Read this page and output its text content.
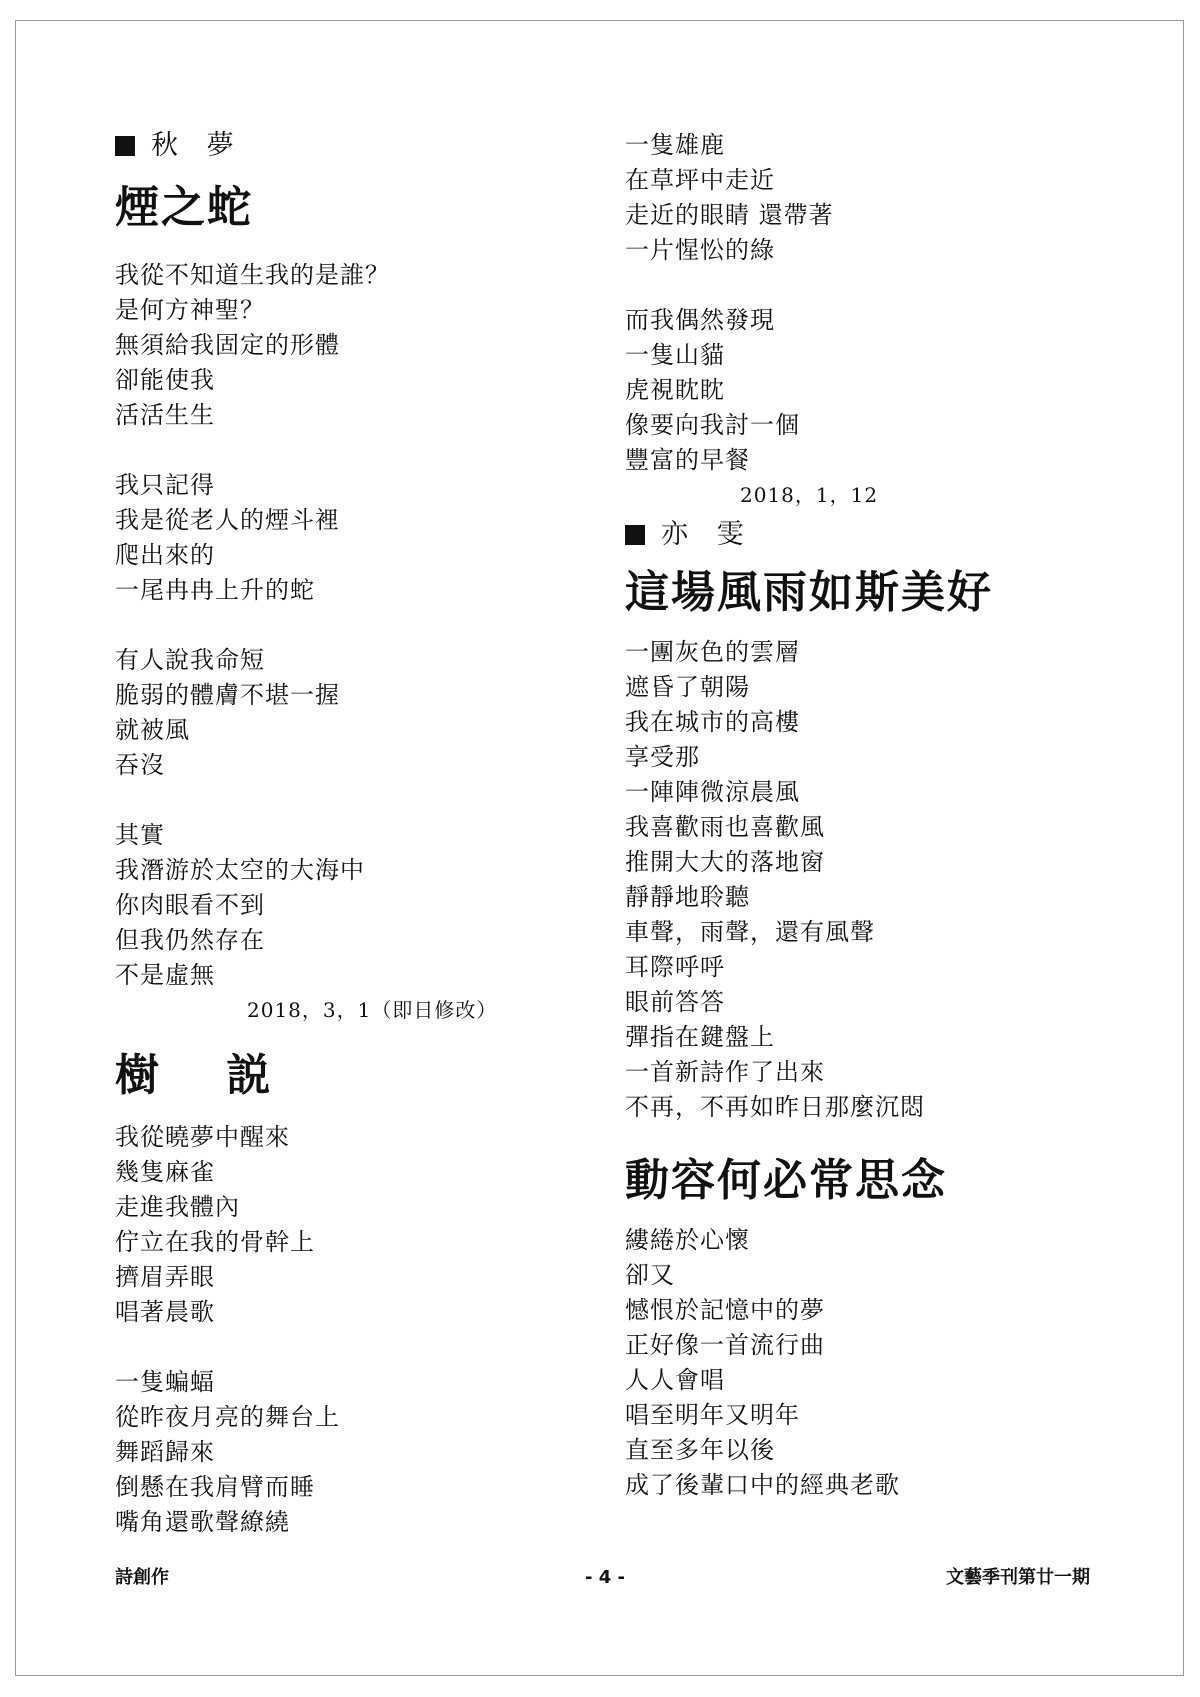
秋 夢
煙之蛇
我從不知道生我的是誰？
是何方神聖？
無須給我固定的形體
卻能使我
活活生生
我只記得
我是從老人的煙斗裡
爬出來的
一尾冉冉上升的蛇
有人說我命短
脆弱的體膚不堪一握
就被風
吞沒
其實
我潛游於太空的大海中
你肉眼看不到
但我仍然存在
不是虛無
2018，3，1（即日修改）
樹 説
我從曉夢中醒來
幾隻麻雀
走進我體內
佇立在我的骨幹上
擠眉弄眼
唱著晨歌
一隻蝙蝠
從昨夜月亮的舞台上
舞蹈歸來
倒懸在我肩臂而睡
嘴角還歌聲繚繞
一隻雄鹿
在草坪中走近
走近的眼睛 還帶著
一片惺忪的綠
而我偶然發現
一隻山貓
虎視眈眈
像要向我討一個
豐富的早餐
2018，1，12
亦 雯
這場風雨如斯美好
一團灰色的雲層
遮昏了朝陽
我在城市的高樓
享受那
一陣陣微涼晨風
我喜歡雨也喜歡風
推開大大的落地窗
靜靜地聆聽
車聲，雨聲，還有風聲
耳際呼呼
眼前答答
彈指在鍵盤上
一首新詩作了出來
不再，不再如昨日那麼沉悶
動容何必常思念
縷綣於心懷
卻又
憾恨於記憶中的夢
正好像一首流行曲
人人會唱
唱至明年又明年
直至多年以後
成了後輩口中的經典老歌
詩創作	- 4 -	文藝季刊第廿一期
